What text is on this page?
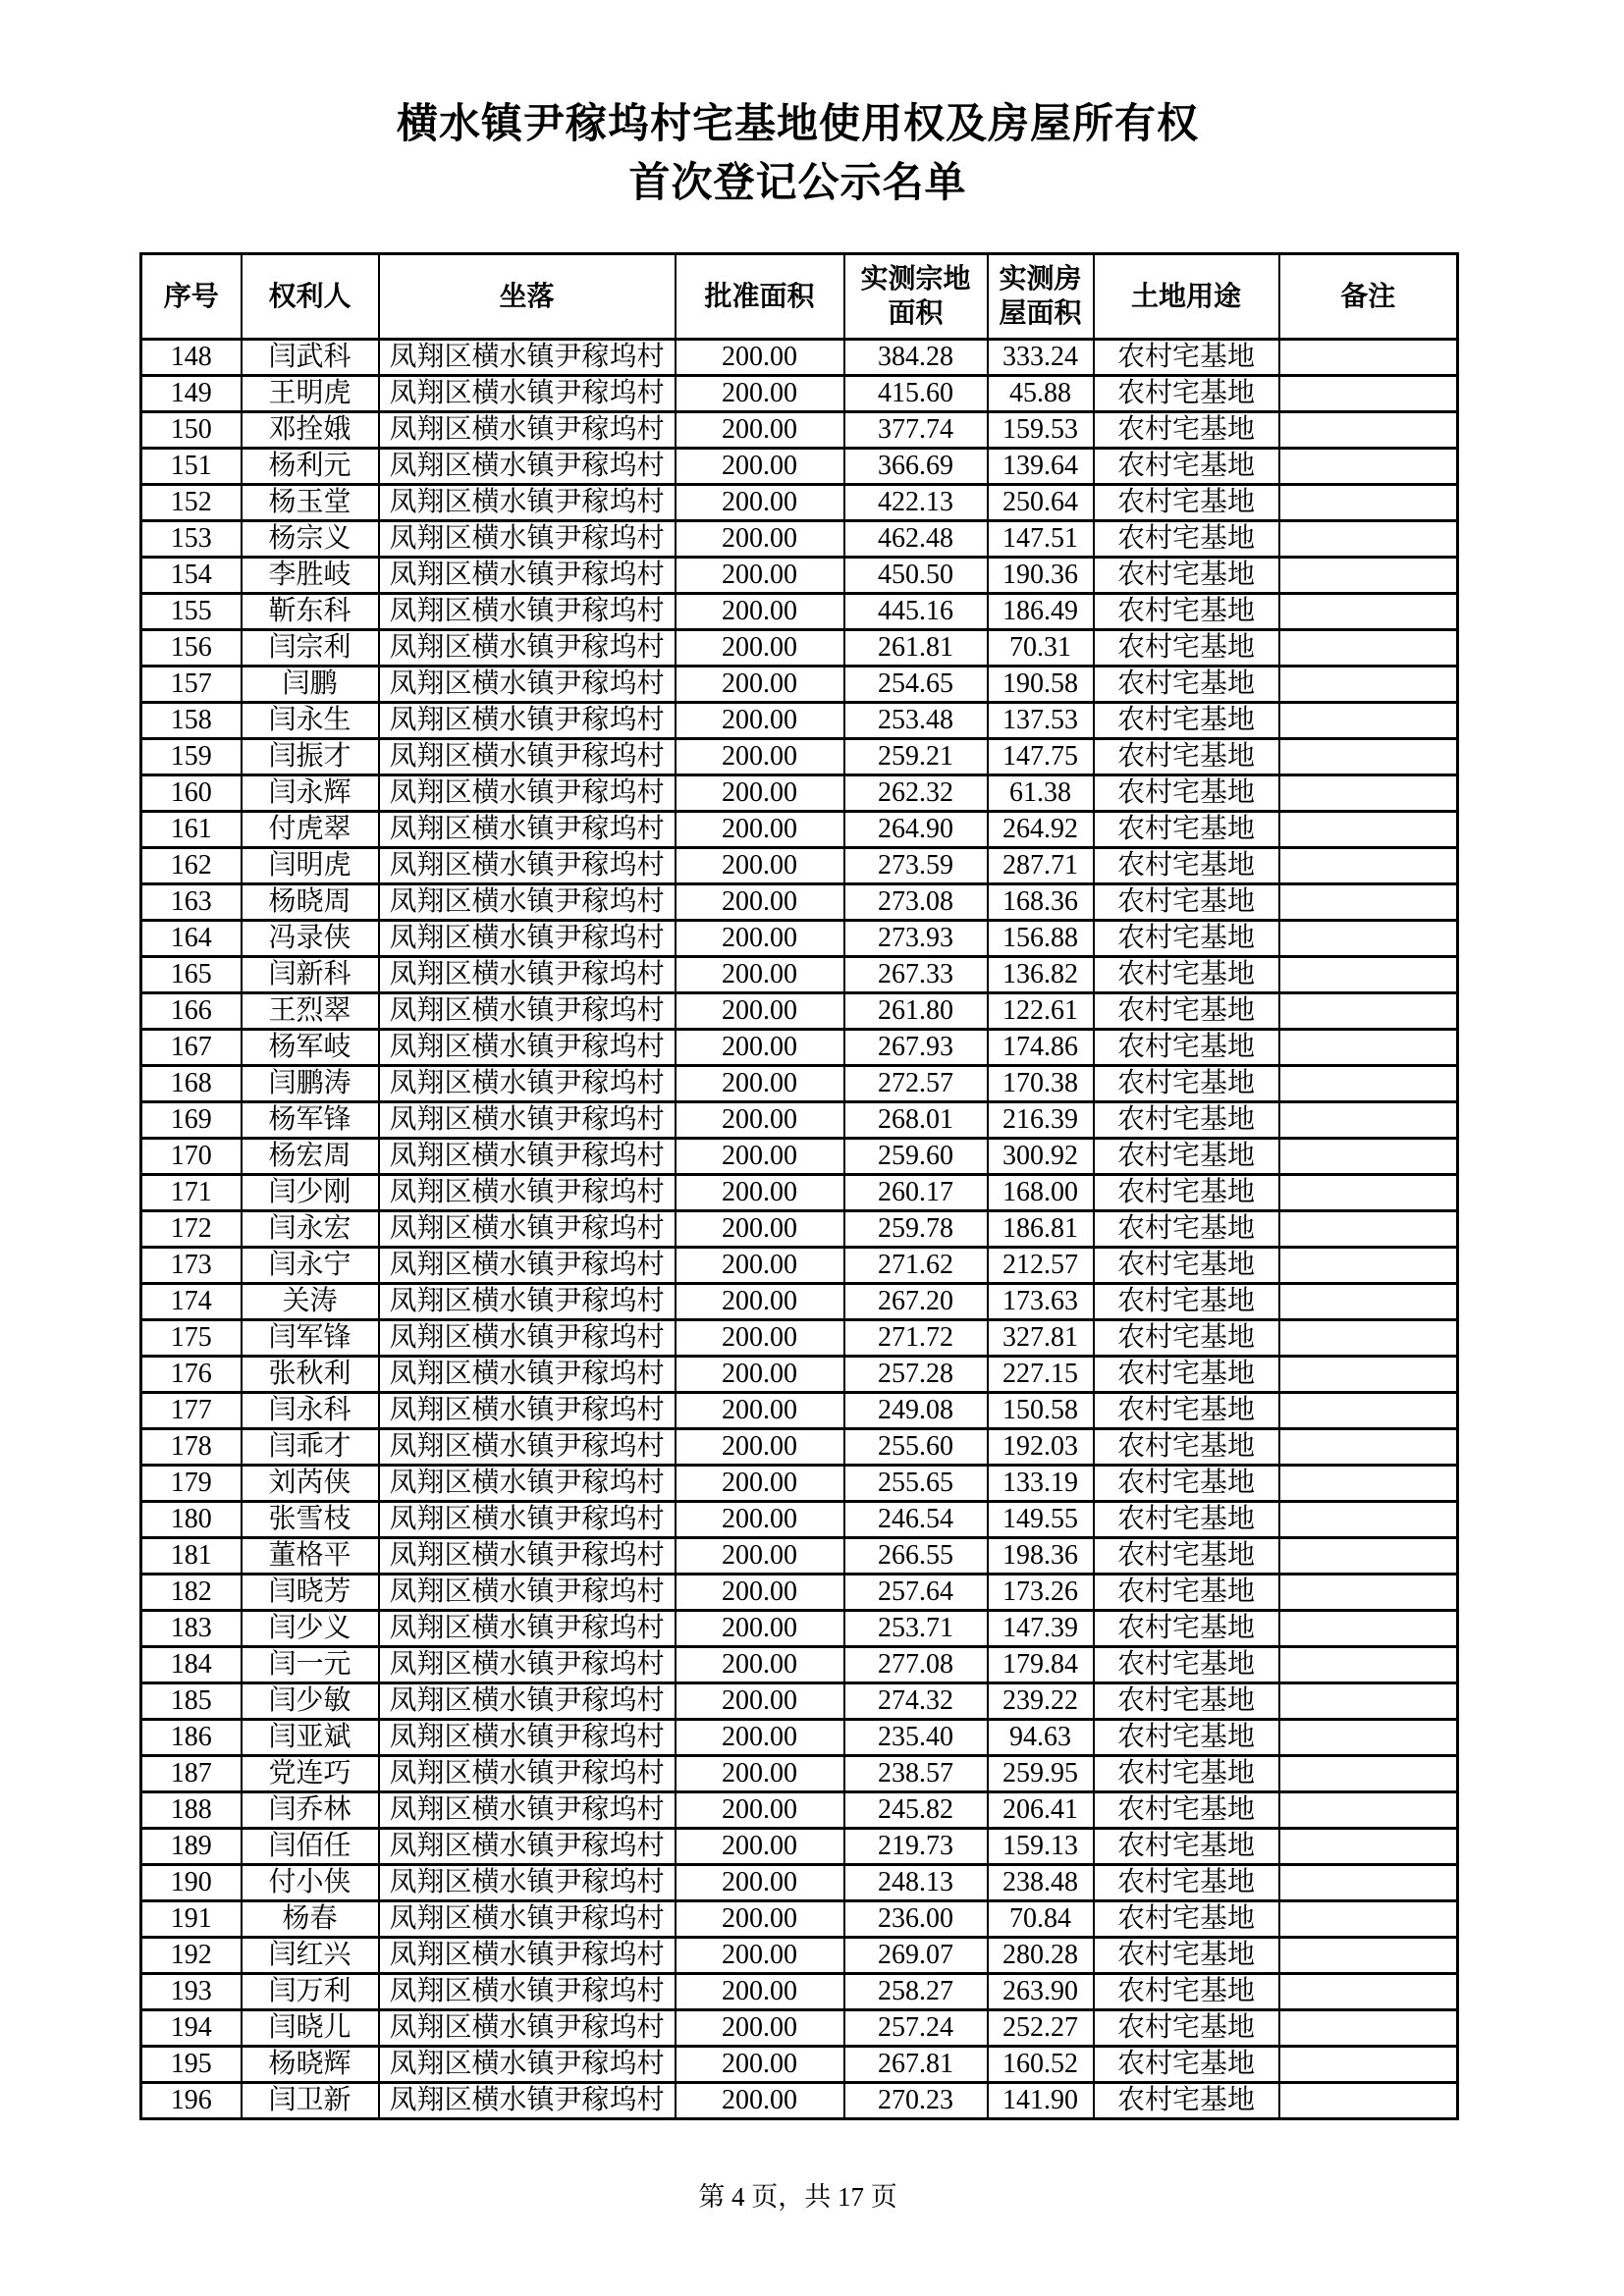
横水镇尹稼坞村宅基地使用权及房屋所有权
首次登记公示名单
序号	权利人	坐落	批准面积	实测宗地面积	实测房屋面积	土地用途	备注
148	闫武科	凤翔区横水镇尹稼坞村	200.00	384.28	333.24	农村宅基地	
149	王明虎	凤翔区横水镇尹稼坞村	200.00	415.60	45.88	农村宅基地	
150	邓拴娥	凤翔区横水镇尹稼坞村	200.00	377.74	159.53	农村宅基地	
151	杨利元	凤翔区横水镇尹稼坞村	200.00	366.69	139.64	农村宅基地	
152	杨玉堂	凤翔区横水镇尹稼坞村	200.00	422.13	250.64	农村宅基地	
153	杨宗义	凤翔区横水镇尹稼坞村	200.00	462.48	147.51	农村宅基地	
154	李胜岐	凤翔区横水镇尹稼坞村	200.00	450.50	190.36	农村宅基地	
155	靳东科	凤翔区横水镇尹稼坞村	200.00	445.16	186.49	农村宅基地	
156	闫宗利	凤翔区横水镇尹稼坞村	200.00	261.81	70.31	农村宅基地	
157	闫鹏	凤翔区横水镇尹稼坞村	200.00	254.65	190.58	农村宅基地	
158	闫永生	凤翔区横水镇尹稼坞村	200.00	253.48	137.53	农村宅基地	
159	闫振才	凤翔区横水镇尹稼坞村	200.00	259.21	147.75	农村宅基地	
160	闫永辉	凤翔区横水镇尹稼坞村	200.00	262.32	61.38	农村宅基地	
161	付虎翠	凤翔区横水镇尹稼坞村	200.00	264.90	264.92	农村宅基地	
162	闫明虎	凤翔区横水镇尹稼坞村	200.00	273.59	287.71	农村宅基地	
163	杨晓周	凤翔区横水镇尹稼坞村	200.00	273.08	168.36	农村宅基地	
164	冯录侠	凤翔区横水镇尹稼坞村	200.00	273.93	156.88	农村宅基地	
165	闫新科	凤翔区横水镇尹稼坞村	200.00	267.33	136.82	农村宅基地	
166	王烈翠	凤翔区横水镇尹稼坞村	200.00	261.80	122.61	农村宅基地	
167	杨军岐	凤翔区横水镇尹稼坞村	200.00	267.93	174.86	农村宅基地	
168	闫鹏涛	凤翔区横水镇尹稼坞村	200.00	272.57	170.38	农村宅基地	
169	杨军锋	凤翔区横水镇尹稼坞村	200.00	268.01	216.39	农村宅基地	
170	杨宏周	凤翔区横水镇尹稼坞村	200.00	259.60	300.92	农村宅基地	
171	闫少刚	凤翔区横水镇尹稼坞村	200.00	260.17	168.00	农村宅基地	
172	闫永宏	凤翔区横水镇尹稼坞村	200.00	259.78	186.81	农村宅基地	
173	闫永宁	凤翔区横水镇尹稼坞村	200.00	271.62	212.57	农村宅基地	
174	关涛	凤翔区横水镇尹稼坞村	200.00	267.20	173.63	农村宅基地	
175	闫军锋	凤翔区横水镇尹稼坞村	200.00	271.72	327.81	农村宅基地	
176	张秋利	凤翔区横水镇尹稼坞村	200.00	257.28	227.15	农村宅基地	
177	闫永科	凤翔区横水镇尹稼坞村	200.00	249.08	150.58	农村宅基地	
178	闫乖才	凤翔区横水镇尹稼坞村	200.00	255.60	192.03	农村宅基地	
179	刘芮侠	凤翔区横水镇尹稼坞村	200.00	255.65	133.19	农村宅基地	
180	张雪枝	凤翔区横水镇尹稼坞村	200.00	246.54	149.55	农村宅基地	
181	董格平	凤翔区横水镇尹稼坞村	200.00	266.55	198.36	农村宅基地	
182	闫晓芳	凤翔区横水镇尹稼坞村	200.00	257.64	173.26	农村宅基地	
183	闫少义	凤翔区横水镇尹稼坞村	200.00	253.71	147.39	农村宅基地	
184	闫一元	凤翔区横水镇尹稼坞村	200.00	277.08	179.84	农村宅基地	
185	闫少敏	凤翔区横水镇尹稼坞村	200.00	274.32	239.22	农村宅基地	
186	闫亚斌	凤翔区横水镇尹稼坞村	200.00	235.40	94.63	农村宅基地	
187	党连巧	凤翔区横水镇尹稼坞村	200.00	238.57	259.95	农村宅基地	
188	闫乔林	凤翔区横水镇尹稼坞村	200.00	245.82	206.41	农村宅基地	
189	闫佰任	凤翔区横水镇尹稼坞村	200.00	219.73	159.13	农村宅基地	
190	付小侠	凤翔区横水镇尹稼坞村	200.00	248.13	238.48	农村宅基地	
191	杨春	凤翔区横水镇尹稼坞村	200.00	236.00	70.84	农村宅基地	
192	闫红兴	凤翔区横水镇尹稼坞村	200.00	269.07	280.28	农村宅基地	
193	闫万利	凤翔区横水镇尹稼坞村	200.00	258.27	263.90	农村宅基地	
194	闫晓儿	凤翔区横水镇尹稼坞村	200.00	257.24	252.27	农村宅基地	
195	杨晓辉	凤翔区横水镇尹稼坞村	200.00	267.81	160.52	农村宅基地	
196	闫卫新	凤翔区横水镇尹稼坞村	200.00	270.23	141.90	农村宅基地	
第 4 页，共 17 页
